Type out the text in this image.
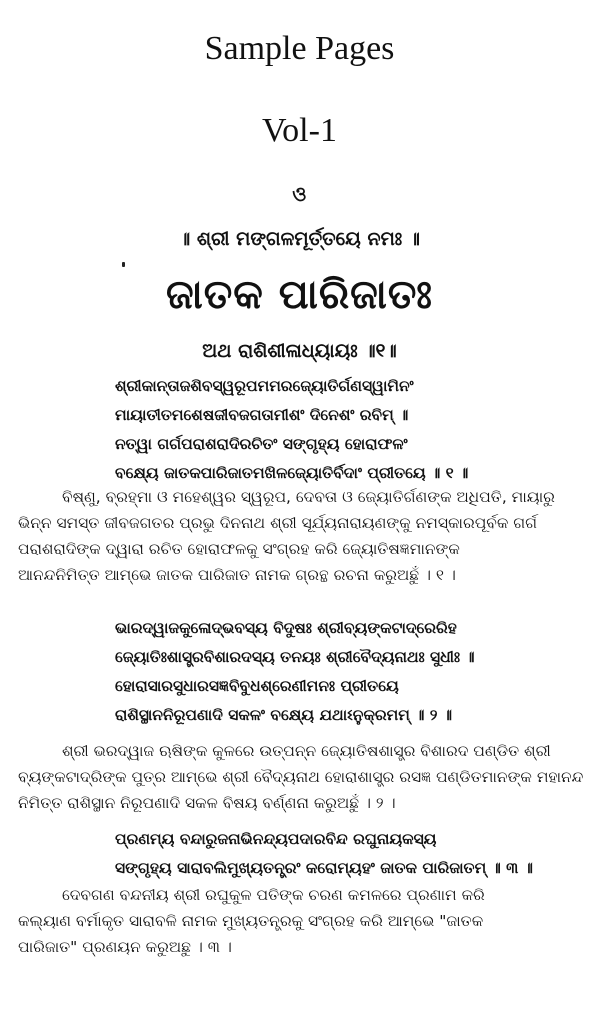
Sample Pages
Vol-1
ও
॥ ଶ୍ରୀ ମଙ୍ଗଳମୂର୍ତ୍ତୟେ ନମଃ ॥
ଜାତକ ପାରିଜାତଃ
ଅଥ ରାଶିଶୀଳାଧ୍ୟାୟଃ ॥୧॥
ଶ୍ରୀକାନ୍ତାଜଶିବସ୍ୱରୂପମମରଜ୍ୟୋତିର୍ଗଣସ୍ୱାମିନଂ
ମାୟାତୀତମଶେଷଜୀବଜଗତାମୀଶଂ ଦିନେଶଂ ରବିମ୍ ॥
ନତ୍ୱା ଗର୍ଗପରାଶରାଦିରଚିତଂ ସଙ୍ଗୃହ୍ୟ ହୋରାଫଳଂ
ବକ୍ଷ୍ୟେ ଜାତକପାରିଜାତମଖିଳଜ୍ୟୋତିର୍ବିଦାଂ ପ୍ରୀତୟେ ॥ ୧ ॥
ବିଷ୍ଣୁ, ବ୍ରହ୍ମା ଓ ମହେଶ୍ୱର ସ୍ୱରୂପ, ଦେବତା ଓ ଜ୍ୟୋତିର୍ଗଣଙ୍କ ଅଧିପତି, ମାୟାରୁ
ଭିନ୍ନ ସମସ୍ତ ଜୀବଜଗତର ପ୍ରଭୁ ଦିନନାଥ ଶ୍ରୀ ସୂର୍ଯ୍ୟନାରାୟଣଙ୍କୁ ନମସ୍କାରପୂର୍ବକ ଗର୍ଗ
ପରାଶରାଦିଙ୍କ ଦ୍ୱାରା ରଚିତ ହୋରାଫଳକୁ ସଂଗ୍ରହ କରି ଜ୍ୟୋତିଷଜ୍ଞମାନଙ୍କ
ଆନନ୍ଦନିମିତ୍ତ ଆମ୍ଭେ ଜାତକ ପାରିଜାତ ନାମକ ଗ୍ରନ୍ଥ ରଚନା କରୁଅଛୁଁ । ୧ ।
ଭାରଦ୍ୱାଜକୁଳୋଦ୍ଭବସ୍ୟ ବିଦୁଷଃ ଶ୍ରୀବ୍ୟଙ୍କଟାଦ୍ରେରିହ
ଜ୍ୟୋତିଃଶାସ୍ତ୍ରବିଶାରଦସ୍ୟ ତନୟଃ ଶ୍ରୀବୈଦ୍ୟନାଥଃ ସୁଧୀଃ ॥
ହୋରାସାରସୁଧାରସଜ୍ଞବିବୁଧଶ୍ରେଣୀମନଃ ପ୍ରୀତୟେ
ରାଶିସ୍ଥାନନିରୂପଣାଦି ସକଳଂ ବକ୍ଷ୍ୟେ ଯଥାଽନୁକ୍ରମମ୍ ॥ ୨ ॥
ଶ୍ରୀ ଭରଦ୍ୱାଜ ଋଷିଙ୍କ କୁଳରେ ଉତ୍ପନ୍ନ ଜ୍ୟୋତିଷଶାସ୍ତ୍ର ବିଶାରଦ ପଣ୍ଡିତ ଶ୍ରୀ
ବ୍ୟଙ୍କଟାଦ୍ରିଙ୍କ ପୁତ୍ର ଆମ୍ଭେ ଶ୍ରୀ ବୈଦ୍ୟନାଥ ହୋରାଶାସ୍ତ୍ର ରସଜ୍ଞ ପଣ୍ଡିତମାନଙ୍କ ମହାନନ୍ଦ
ନିମିତ୍ତ ରାଶିସ୍ଥାନ ନିରୂପଣାଦି ସକଳ ବିଷୟ ବର୍ଣ୍ଣନା କରୁଅଛୁଁ । ୨ ।
ପ୍ରଣମ୍ୟ ବନ୍ଦାରୁଜନାଭିନନ୍ଦ୍ୟପଦାରବିନ୍ଦ ରଘୁନାୟକସ୍ୟ
ସଙ୍ଗୃହ୍ୟ ସାରାବଲିମୁଖ୍ୟତନ୍ତ୍ରଂ କରୋମ୍ୟହଂ ଜାତକ ପାରିଜାତମ୍ ॥ ୩ ॥
ଦେବଗଣ ବନ୍ଦନୀୟ ଶ୍ରୀ ରଘୁକୁଳ ପତିଙ୍କ ଚରଣ କମଳରେ ପ୍ରଣାମ କରି
କଲ୍ୟାଣ ବର୍ମାକୃତ ସାରାବଳି ନାମକ ମୁଖ୍ୟତନ୍ତ୍ରକୁ ସଂଗ୍ରହ କରି ଆମ୍ଭେ "ଜାତକ
ପାରିଜାତ" ପ୍ରଣୟନ କରୁଅଛୁ । ୩ ।
